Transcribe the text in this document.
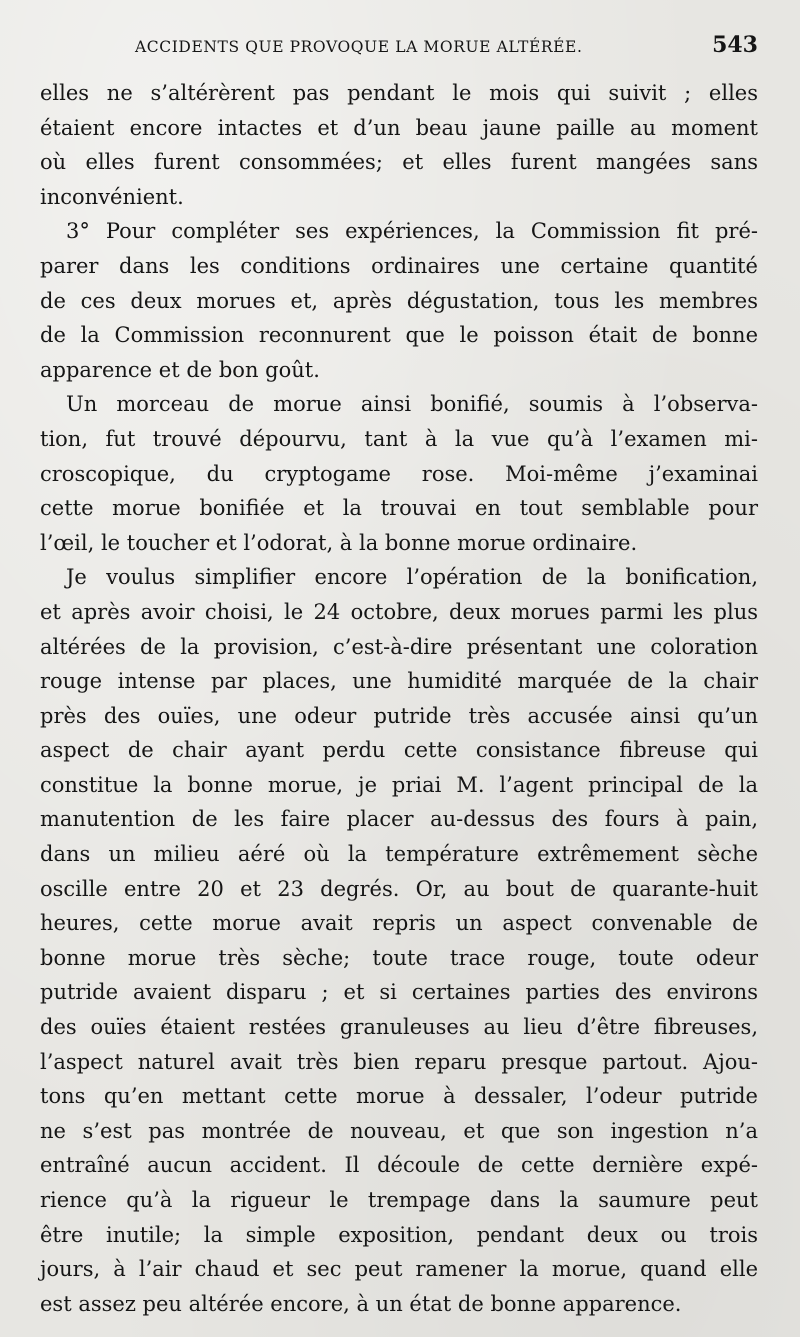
ACCIDENTS QUE PROVOQUE LA MORUE ALTÉRÉE.	543
elles ne s’altérèrent pas pendant le mois qui suivit ; elles
étaient encore intactes et d’un beau jaune paille au moment
où elles furent consommées; et elles furent mangées sans
inconvénient.
3° Pour compléter ses expériences, la Commission fit pré-
parer dans les conditions ordinaires une certaine quantité
de ces deux morues et, après dégustation, tous les membres
de la Commission reconnurent que le poisson était de bonne
apparence et de bon goût.
Un morceau de morue ainsi bonifié, soumis à l’observa-
tion, fut trouvé dépourvu, tant à la vue qu’à l’examen mi-
croscopique, du cryptogame rose. Moi-même j’examinai
cette morue bonifiée et la trouvai en tout semblable pour
l’œil, le toucher et l’odorat, à la bonne morue ordinaire.
Je voulus simplifier encore l’opération de la bonification,
et après avoir choisi, le 24 octobre, deux morues parmi les plus
altérées de la provision, c’est-à-dire présentant une coloration
rouge intense par places, une humidité marquée de la chair
près des ouïes, une odeur putride très accusée ainsi qu’un
aspect de chair ayant perdu cette consistance fibreuse qui
constitue la bonne morue, je priai M. l’agent principal de la
manutention de les faire placer au-dessus des fours à pain,
dans un milieu aéré où la température extrêmement sèche
oscille entre 20 et 23 degrés. Or, au bout de quarante-huit
heures, cette morue avait repris un aspect convenable de
bonne morue très sèche; toute trace rouge, toute odeur
putride avaient disparu ; et si certaines parties des environs
des ouïes étaient restées granuleuses au lieu d’être fibreuses,
l’aspect naturel avait très bien reparu presque partout. Ajou-
tons qu’en mettant cette morue à dessaler, l’odeur putride
ne s’est pas montrée de nouveau, et que son ingestion n’a
entraîné aucun accident. Il découle de cette dernière expé-
rience qu’à la rigueur le trempage dans la saumure peut
être inutile; la simple exposition, pendant deux ou trois
jours, à l’air chaud et sec peut ramener la morue, quand elle
est assez peu altérée encore, à un état de bonne apparence.
